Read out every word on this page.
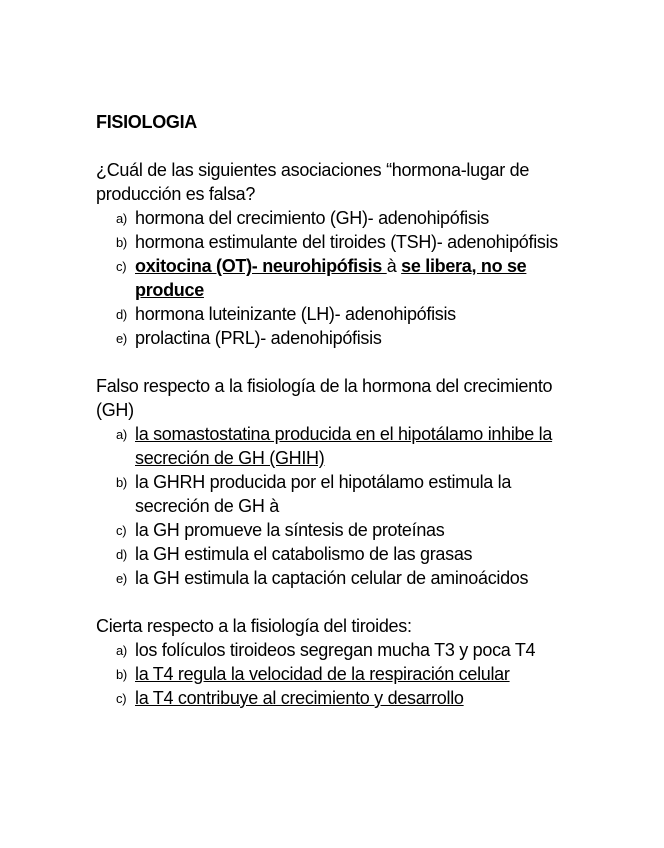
FISIOLOGIA

¿Cuál de las siguientes asociaciones “hormona-lugar de producción es falsa?

a) hormona del crecimiento (GH)- adenohipófisis
b) hormona estimulante del tiroides (TSH)- adenohipófisis
c) oxitocina (OT)- neurohipófisis à se libera, no se produce
d) hormona luteinizante (LH)- adenohipófisis
e) prolactina (PRL)- adenohipófisis

Falso respecto a la fisiología de la hormona del crecimiento (GH)

a) la somastostatina producida en el hipotálamo inhibe la secreción de GH (GHIH)
b) la GHRH producida por el hipotálamo estimula la secreción de GH à
c) la GH promueve la síntesis de proteínas
d) la GH estimula el catabolismo de las grasas
e) la GH estimula la captación celular de aminoácidos

Cierta respecto a la fisiología del tiroides:

a) los folículos tiroideos segregan mucha T3 y poca T4
b) la T4 regula la velocidad de la respiración celular
c) la T4 contribuye al crecimiento y desarrollo
